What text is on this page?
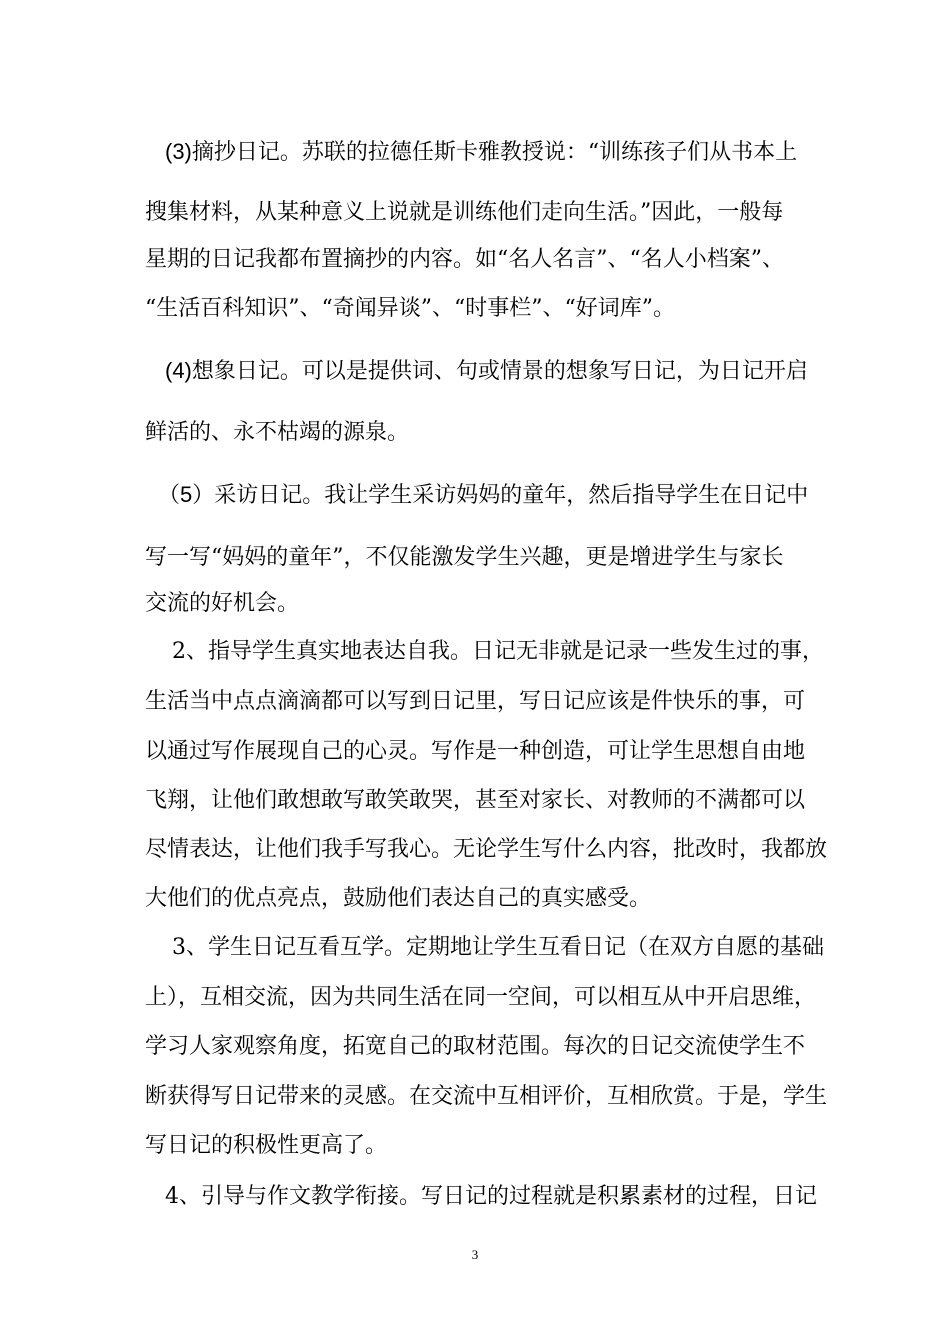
(3)摘抄日记。苏联的拉德任斯卡雅教授说：“训练孩子们从书本上
搜集材料，从某种意义上说就是训练他们走向生活。”因此，一般每
星期的日记我都布置摘抄的内容。如“名人名言”、“名人小档案”、
“生活百科知识”、“奇闻异谈”、“时事栏”、“好词库”。
(4)想象日记。可以是提供词、句或情景的想象写日记，为日记开启
鲜活的、永不枯竭的源泉。
（5）采访日记。我让学生采访妈妈的童年，然后指导学生在日记中
写一写“妈妈的童年”，不仅能激发学生兴趣，更是增进学生与家长
交流的好机会。
2、指导学生真实地表达自我。日记无非就是记录一些发生过的事，
生活当中点点滴滴都可以写到日记里，写日记应该是件快乐的事，可
以通过写作展现自己的心灵。写作是一种创造，可让学生思想自由地
飞翔，让他们敢想敢写敢笑敢哭，甚至对家长、对教师的不满都可以
尽情表达，让他们我手写我心。无论学生写什么内容，批改时，我都放
大他们的优点亮点，鼓励他们表达自己的真实感受。
3、学生日记互看互学。定期地让学生互看日记（在双方自愿的基础
上），互相交流，因为共同生活在同一空间，可以相互从中开启思维，
学习人家观察角度，拓宽自己的取材范围。每次的日记交流使学生不
断获得写日记带来的灵感。在交流中互相评价，互相欣赏。于是，学生
写日记的积极性更高了。
4、引导与作文教学衔接。写日记的过程就是积累素材的过程，日记
3
